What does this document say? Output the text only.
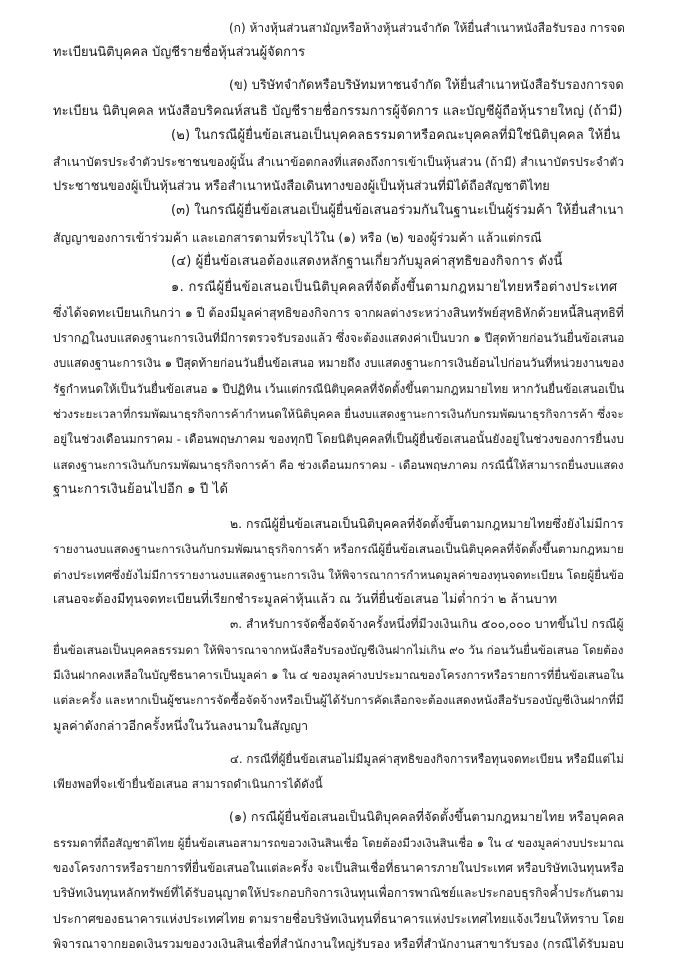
(ก) ห้างหุ้นส่วนสามัญหรือห้างหุ้นส่วนจำกัด ให้ยื่นสำเนาหนังสือรับรอง การจด

ทะเบียนนิติบุคคล บัญชีรายชื่อหุ้นส่วนผู้จัดการ

(ข) บริษัทจำกัดหรือบริษัทมหาชนจำกัด ให้ยื่นสำเนาหนังสือรับรองการจด

ทะเบียน นิติบุคคล หนังสือบริคณห์สนธิ บัญชีรายชื่อกรรมการผู้จัดการ และบัญชีผู้ถือหุ้นรายใหญ่ (ถ้ามี)

(๒) ในกรณีผู้ยื่นข้อเสนอเป็นบุคคลธรรมดาหรือคณะบุคคลที่มิใช่นิติบุคคล ให้ยื่น

สำเนาบัตรประจำตัวประชาชนของผู้นั้น สำเนาข้อตกลงที่แสดงถึงการเข้าเป็นหุ้นส่วน (ถ้ามี) สำเนาบัตรประจำตัว

ประชาชนของผู้เป็นหุ้นส่วน หรือสำเนาหนังสือเดินทางของผู้เป็นหุ้นส่วนที่มิได้ถือสัญชาติไทย

(๓) ในกรณีผู้ยื่นข้อเสนอเป็นผู้ยื่นข้อเสนอร่วมกันในฐานะเป็นผู้ร่วมค้า ให้ยื่นสำเนา

สัญญาของการเข้าร่วมค้า และเอกสารตามที่ระบุไว้ใน (๑) หรือ (๒) ของผู้ร่วมค้า แล้วแต่กรณี

(๔) ผู้ยื่นข้อเสนอต้องแสดงหลักฐานเกี่ยวกับมูลค่าสุทธิของกิจการ ดังนี้

๑. กรณีผู้ยื่นข้อเสนอเป็นนิติบุคคลที่จัดตั้งขึ้นตามกฎหมายไทยหรือต่างประเทศ

ซึ่งได้จดทะเบียนเกินกว่า ๑ ปี ต้องมีมูลค่าสุทธิของกิจการ จากผลต่างระหว่างสินทรัพย์สุทธิหักด้วยหนี้สินสุทธิที่

ปรากฏในงบแสดงฐานะการเงินที่มีการตรวจรับรองแล้ว ซึ่งจะต้องแสดงค่าเป็นบวก ๑ ปีสุดท้ายก่อนวันยื่นข้อเสนอ

งบแสดงฐานะการเงิน ๑ ปีสุดท้ายก่อนวันยื่นข้อเสนอ หมายถึง งบแสดงฐานะการเงินย้อนไปก่อนวันที่หน่วยงานของ

รัฐกำหนดให้เป็นวันยื่นข้อเสนอ ๑ ปีปฏิทิน เว้นแต่กรณีนิติบุคคลที่จัดตั้งขึ้นตามกฎหมายไทย หากวันยื่นข้อเสนอเป็น

ช่วงระยะเวลาที่กรมพัฒนาธุรกิจการค้ากำหนดให้นิติบุคคล ยื่นงบแสดงฐานะการเงินกับกรมพัฒนาธุรกิจการค้า ซึ่งจะ

อยู่ในช่วงเดือนมกราคม - เดือนพฤษภาคม ของทุกปี โดยนิติบุคคลที่เป็นผู้ยื่นข้อเสนอนั้นยังอยู่ในช่วงของการยื่นงบ

แสดงฐานะการเงินกับกรมพัฒนาธุรกิจการค้า คือ ช่วงเดือนมกราคม - เดือนพฤษภาคม กรณีนี้ให้สามารถยื่นงบแสดง

ฐานะการเงินย้อนไปอีก ๑ ปี ได้

๒. กรณีผู้ยื่นข้อเสนอเป็นนิติบุคคลที่จัดตั้งขึ้นตามกฎหมายไทยซึ่งยังไม่มีการ

รายงานงบแสดงฐานะการเงินกับกรมพัฒนาธุรกิจการค้า หรือกรณีผู้ยื่นข้อเสนอเป็นนิติบุคคลที่จัดตั้งขึ้นตามกฎหมาย

ต่างประเทศซึ่งยังไม่มีการรายงานงบแสดงฐานะการเงิน ให้พิจารณาการกำหนดมูลค่าของทุนจดทะเบียน โดยผู้ยื่นข้อ

เสนอจะต้องมีทุนจดทะเบียนที่เรียกชำระมูลค่าหุ้นแล้ว ณ วันที่ยื่นข้อเสนอ ไม่ต่ำกว่า ๒ ล้านบาท

๓. สำหรับการจัดซื้อจัดจ้างครั้งหนึ่งที่มีวงเงินเกิน ๕๐๐,๐๐๐ บาทขึ้นไป กรณีผู้

ยื่นข้อเสนอเป็นบุคคลธรรมดา ให้พิจารณาจากหนังสือรับรองบัญชีเงินฝากไม่เกิน ๙๐ วัน ก่อนวันยื่นข้อเสนอ โดยต้อง

มีเงินฝากคงเหลือในบัญชีธนาคารเป็นมูลค่า ๑ ใน ๔ ของมูลค่างบประมาณของโครงการหรือรายการที่ยื่นข้อเสนอใน

แต่ละครั้ง และหากเป็นผู้ชนะการจัดซื้อจัดจ้างหรือเป็นผู้ได้รับการคัดเลือกจะต้องแสดงหนังสือรับรองบัญชีเงินฝากที่มี

มูลค่าดังกล่าวอีกครั้งหนึ่งในวันลงนามในสัญญา

๔. กรณีที่ผู้ยื่นข้อเสนอไม่มีมูลค่าสุทธิของกิจการหรือทุนจดทะเบียน หรือมีแต่ไม่

เพียงพอที่จะเข้ายื่นข้อเสนอ สามารถดำเนินการได้ดังนี้

(๑) กรณีผู้ยื่นข้อเสนอเป็นนิติบุคคลที่จัดตั้งขึ้นตามกฎหมายไทย หรือบุคคล

ธรรมดาที่ถือสัญชาติไทย ผู้ยื่นข้อเสนอสามารถขอวงเงินสินเชื่อ โดยต้องมีวงเงินสินเชื่อ ๑ ใน ๔ ของมูลค่างบประมาณ

ของโครงการหรือรายการที่ยื่นข้อเสนอในแต่ละครั้ง จะเป็นสินเชื่อที่ธนาคารภายในประเทศ หรือบริษัทเงินทุนหรือ

บริษัทเงินทุนหลักทรัพย์ที่ได้รับอนุญาตให้ประกอบกิจการเงินทุนเพื่อการพาณิชย์และประกอบธุรกิจค้ำประกันตาม

ประกาศของธนาคารแห่งประเทศไทย ตามรายชื่อบริษัทเงินทุนที่ธนาคารแห่งประเทศไทยแจ้งเวียนให้ทราบ โดย

พิจารณาจากยอดเงินรวมของวงเงินสินเชื่อที่สำนักงานใหญ่รับรอง หรือที่สำนักงานสาขารับรอง (กรณีได้รับมอบ
